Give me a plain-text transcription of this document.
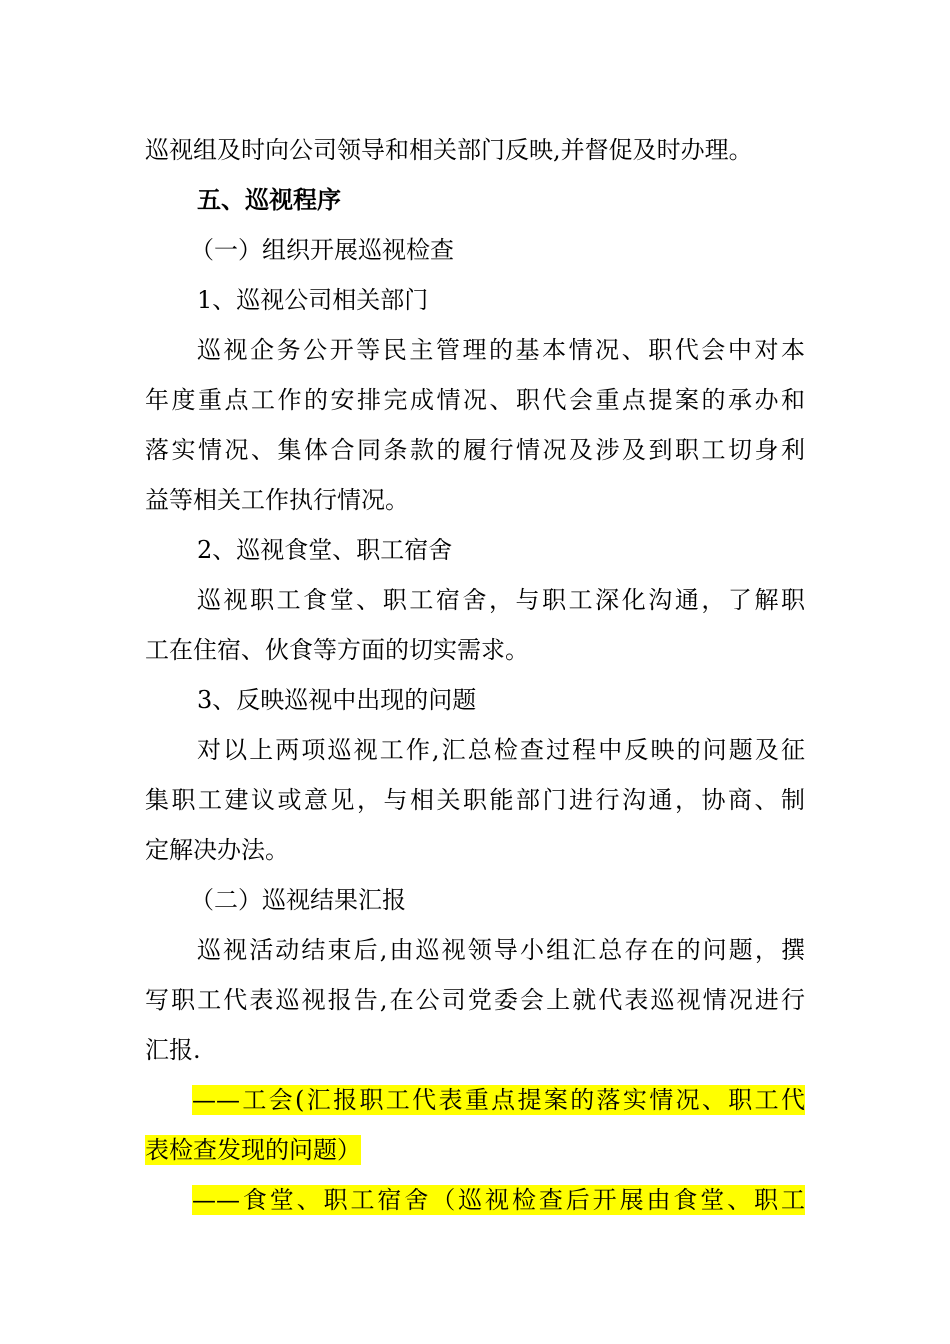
巡视组及时向公司领导和相关部门反映,并督促及时办理。
五、巡视程序
（一）组织开展巡视检查
1、巡视公司相关部门
巡视企务公开等民主管理的基本情况、职代会中对本
年度重点工作的安排完成情况、职代会重点提案的承办和
落实情况、集体合同条款的履行情况及涉及到职工切身利
益等相关工作执行情况。
2、巡视食堂、职工宿舍
巡视职工食堂、职工宿舍，与职工深化沟通，了解职
工在住宿、伙食等方面的切实需求。
3、反映巡视中出现的问题
对以上两项巡视工作,汇总检查过程中反映的问题及征
集职工建议或意见，与相关职能部门进行沟通，协商、制
定解决办法。
（二）巡视结果汇报
巡视活动结束后,由巡视领导小组汇总存在的问题，撰
写职工代表巡视报告,在公司党委会上就代表巡视情况进行
汇报.
——工会(汇报职工代表重点提案的落实情况、职工代
表检查发现的问题）
——食堂、职工宿舍（巡视检查后开展由食堂、职工
